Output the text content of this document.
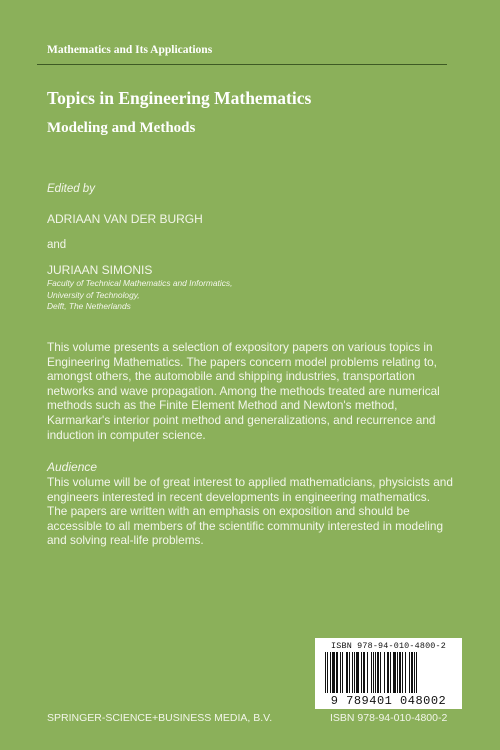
Mathematics and Its Applications
Topics in Engineering Mathematics
Modeling and Methods
Edited by
ADRIAAN VAN DER BURGH
and
JURIAAN SIMONIS
Faculty of Technical Mathematics and Informatics,
University of Technology,
Delft, The Netherlands
This volume presents a selection of expository papers on various topics in Engineering Mathematics. The papers concern model problems relating to, amongst others, the automobile and shipping industries, transportation networks and wave propagation. Among the methods treated are numerical methods such as the Finite Element Method and Newton's method, Karmarkar's interior point method and generalizations, and recurrence and induction in computer science.
Audience

This volume will be of great interest to applied mathematicians, physicists and engineers interested in recent developments in engineering mathematics.

The papers are written with an emphasis on exposition and should be accessible to all members of the scientific community interested in modeling and solving real-life problems.

ISBN 978-94-010-4800-2
9 789401 048002
SPRINGER-SCIENCE+BUSINESS MEDIA, B.V.	ISBN 978-94-010-4800-2
